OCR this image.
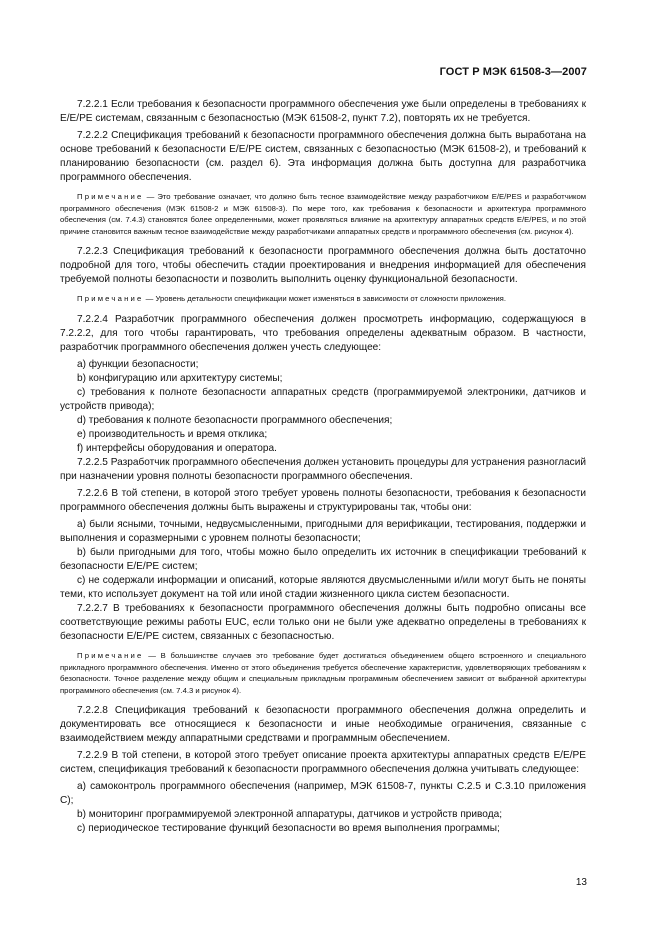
ГОСТ Р МЭК 61508-3—2007

7.2.2.1 Если требования к безопасности программного обеспечения уже были определены в требованиях к E/E/PE системам, связанным с безопасностью (МЭК 61508-2, пункт 7.2), повторять их не требуется.

7.2.2.2 Спецификация требований к безопасности программного обеспечения должна быть выработана на основе требований к безопасности E/E/PE систем, связанных с безопасностью (МЭК 61508-2), и требований к планированию безопасности (см. раздел 6). Эта информация должна быть доступна для разработчика программного обеспечения.

Примечание — Это требование означает, что должно быть тесное взаимодействие между разработчиком E/E/PES и разработчиком программного обеспечения (МЭК 61508-2 и МЭК 61508-3). По мере того, как требования к безопасности и архитектура программного обеспечения (см. 7.4.3) становятся более определенными, может проявляться влияние на архитектуру аппаратных средств E/E/PES, и по этой причине становится важным тесное взаимодействие между разработчиками аппаратных средств и программного обеспечения (см. рисунок 4).

7.2.2.3 Спецификация требований к безопасности программного обеспечения должна быть достаточно подробной для того, чтобы обеспечить стадии проектирования и внедрения информацией для обеспечения требуемой полноты безопасности и позволить выполнить оценку функциональной безопасности.

Примечание — Уровень детальности спецификации может изменяться в зависимости от сложности приложения.

7.2.2.4 Разработчик программного обеспечения должен просмотреть информацию, содержащуюся в 7.2.2.2, для того чтобы гарантировать, что требования определены адекватным образом. В частности, разработчик программного обеспечения должен учесть следующее:

a) функции безопасности;

b) конфигурацию или архитектуру системы;

c) требования к полноте безопасности аппаратных средств (программируемой электроники, датчиков и устройств привода);

d) требования к полноте безопасности программного обеспечения;

e) производительность и время отклика;

f) интерфейсы оборудования и оператора.

7.2.2.5 Разработчик программного обеспечения должен установить процедуры для устранения разногласий при назначении уровня полноты безопасности программного обеспечения.

7.2.2.6 В той степени, в которой этого требует уровень полноты безопасности, требования к безопасности программного обеспечения должны быть выражены и структурированы так, чтобы они:

a) были ясными, точными, недвусмысленными, пригодными для верификации, тестирования, поддержки и выполнения и соразмерными с уровнем полноты безопасности;

b) были пригодными для того, чтобы можно было определить их источник в спецификации требований к безопасности E/E/PE систем;

c) не содержали информации и описаний, которые являются двусмысленными и/или могут быть не поняты теми, кто использует документ на той или иной стадии жизненного цикла систем безопасности.

7.2.2.7 В требованиях к безопасности программного обеспечения должны быть подробно описаны все соответствующие режимы работы EUC, если только они не были уже адекватно определены в требованиях к безопасности E/E/PE систем, связанных с безопасностью.

Примечание — В большинстве случаев это требование будет достигаться объединением общего встроенного и специального прикладного программного обеспечения. Именно от этого объединения требуется обеспечение характеристик, удовлетворяющих требованиям к безопасности. Точное разделение между общим и специальным прикладным программным обеспечением зависит от выбранной архитектуры программного обеспечения (см. 7.4.3 и рисунок 4).

7.2.2.8 Спецификация требований к безопасности программного обеспечения должна определить и документировать все относящиеся к безопасности и иные необходимые ограничения, связанные с взаимодействием между аппаратными средствами и программным обеспечением.

7.2.2.9 В той степени, в которой этого требует описание проекта архитектуры аппаратных средств E/E/PE систем, спецификация требований к безопасности программного обеспечения должна учитывать следующее:

a) самоконтроль программного обеспечения (например, МЭК 61508-7, пункты С.2.5 и С.3.10 приложения С);

b) мониторинг программируемой электронной аппаратуры, датчиков и устройств привода;

c) периодическое тестирование функций безопасности во время выполнения программы;

13
